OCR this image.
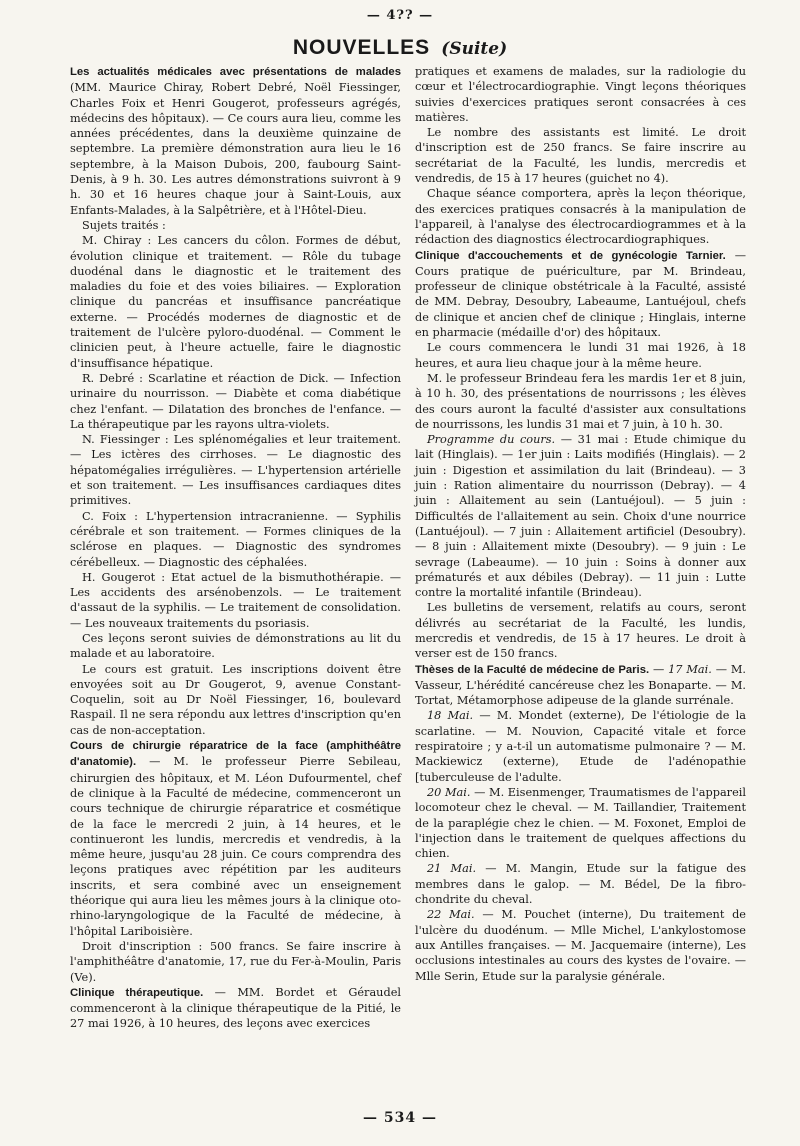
— 4?? —
NOUVELLES (Suite)

Les actualités médicales avec présentations de malades (MM. Maurice Chiray, Robert Debré, Noël Fiessinger, Charles Foix et Henri Gougerot, professeurs agrégés, médecins des hôpitaux). — Ce cours aura lieu, comme les années précédentes, dans la deuxième quinzaine de septembre. La première démonstration aura lieu le 16 septembre, à la Maison Dubois, 200, faubourg Saint-Denis, à 9 h. 30. Les autres démonstrations suivront à 9 h. 30 et 16 heures chaque jour à Saint-Louis, aux Enfants-Malades, à la Salpêtrière, et à l'Hôtel-Dieu.

Sujets traités :

M. Chiray : Les cancers du côlon. Formes de début, évolution clinique et traitement. — Rôle du tubage duodénal dans le diagnostic et le traitement des maladies du foie et des voies biliaires. — Exploration clinique du pancréas et insuffisance pancréatique externe. — Procédés modernes de diagnostic et de traitement de l'ulcère pyloro-duodénal. — Comment le clinicien peut, à l'heure actuelle, faire le diagnostic d'insuffisance hépatique.

R. Debré : Scarlatine et réaction de Dick. — Infection urinaire du nourrisson. — Diabète et coma diabétique chez l'enfant. — Dilatation des bronches de l'enfance. — La thérapeutique par les rayons ultra-violets.

N. Fiessinger : Les splénomégalies et leur traitement. — Les ictères des cirrhoses. — Le diagnostic des hépatomégalies irrégulières. — L'hypertension artérielle et son traitement. — Les insuffisances cardiaques dites primitives.

C. Foix : L'hypertension intracranienne. — Syphilis cérébrale et son traitement. — Formes cliniques de la sclérose en plaques. — Diagnostic des syndromes cérébelleux. — Diagnostic des céphalées.

H. Gougerot : Etat actuel de la bismuthothérapie. — Les accidents des arsénobenzols. — Le traitement d'assaut de la syphilis. — Le traitement de consolidation. — Les nouveaux traitements du psoriasis.

Ces leçons seront suivies de démonstrations au lit du malade et au laboratoire.

Le cours est gratuit. Les inscriptions doivent être envoyées soit au Dr Gougerot, 9, avenue Constant-Coquelin, soit au Dr Noël Fiessinger, 16, boulevard Raspail. Il ne sera répondu aux lettres d'inscription qu'en cas de non-acceptation.

Cours de chirurgie réparatrice de la face (amphithéâtre d'anatomie). — M. le professeur Pierre Sebileau, chirurgien des hôpitaux, et M. Léon Dufourmentel, chef de clinique à la Faculté de médecine, commenceront un cours technique de chirurgie réparatrice et cosmétique de la face le mercredi 2 juin, à 14 heures, et le continueront les lundis, mercredis et vendredis, à la même heure, jusqu'au 28 juin. Ce cours comprendra des leçons pratiques avec répétition par les auditeurs inscrits, et sera combiné avec un enseignement théorique qui aura lieu les mêmes jours à la clinique oto-rhino-laryngologique de la Faculté de médecine, à l'hôpital Lariboisière.

Droit d'inscription : 500 francs. Se faire inscrire à l'amphithéâtre d'anatomie, 17, rue du Fer-à-Moulin, Paris (Ve).

Clinique thérapeutique. — MM. Bordet et Géraudel commenceront à la clinique thérapeutique de la Pitié, le 27 mai 1926, à 10 heures, des leçons avec exercices

pratiques et examens de malades, sur la radiologie du cœur et l'électrocardiographie. Vingt leçons théoriques suivies d'exercices pratiques seront consacrées à ces matières.

Le nombre des assistants est limité. Le droit d'inscription est de 250 francs. Se faire inscrire au secrétariat de la Faculté, les lundis, mercredis et vendredis, de 15 à 17 heures (guichet no 4).

Chaque séance comportera, après la leçon théorique, des exercices pratiques consacrés à la manipulation de l'appareil, à l'analyse des électrocardiogrammes et à la rédaction des diagnostics électrocardiographiques.

Clinique d'accouchements et de gynécologie Tarnier. — Cours pratique de puériculture, par M. Brindeau, professeur de clinique obstétricale à la Faculté, assisté de MM. Debray, Desoubry, Labeaume, Lantuéjoul, chefs de clinique et ancien chef de clinique ; Hinglais, interne en pharmacie (médaille d'or) des hôpitaux.

Le cours commencera le lundi 31 mai 1926, à 18 heures, et aura lieu chaque jour à la même heure.

M. le professeur Brindeau fera les mardis 1er et 8 juin, à 10 h. 30, des présentations de nourrissons ; les élèves des cours auront la faculté d'assister aux consultations de nourrissons, les lundis 31 mai et 7 juin, à 10 h. 30.

Programme du cours. — 31 mai : Etude chimique du lait (Hinglais). — 1er juin : Laits modifiés (Hinglais). — 2 juin : Digestion et assimilation du lait (Brindeau). — 3 juin : Ration alimentaire du nourrisson (Debray). — 4 juin : Allaitement au sein (Lantuéjoul). — 5 juin : Difficultés de l'allaitement au sein. Choix d'une nourrice (Lantuéjoul). — 7 juin : Allaitement artificiel (Desoubry). — 8 juin : Allaitement mixte (Desoubry). — 9 juin : Le sevrage (Labeaume). — 10 juin : Soins à donner aux prématurés et aux débiles (Debray). — 11 juin : Lutte contre la mortalité infantile (Brindeau).

Les bulletins de versement, relatifs au cours, seront délivrés au secrétariat de la Faculté, les lundis, mercredis et vendredis, de 15 à 17 heures. Le droit à verser est de 150 francs.

Thèses de la Faculté de médecine de Paris. — 17 Mai. — M. Vasseur, L'hérédité cancéreuse chez les Bonaparte. — M. Tortat, Métamorphose adipeuse de la glande surrénale.

18 Mai. — M. Mondet (externe), De l'étiologie de la scarlatine. — M. Nouvion, Capacité vitale et force respiratoire ; y a-t-il un automatisme pulmonaire ? — M. Mackiewicz (externe), Etude de l'adénopathie [tuberculeuse de l'adulte.

20 Mai. — M. Eisenmenger, Traumatismes de l'appareil locomoteur chez le cheval. — M. Taillandier, Traitement de la paraplégie chez le chien. — M. Foxonet, Emploi de l'injection dans le traitement de quelques affections du chien.

21 Mai. — M. Mangin, Etude sur la fatigue des membres dans le galop. — M. Bédel, De la fibro-chondrite du cheval.

22 Mai. — M. Pouchet (interne), Du traitement de l'ulcère du duodénum. — Mlle Michel, L'ankylostomose aux Antilles françaises. — M. Jacquemaire (interne), Les occlusions intestinales au cours des kystes de l'ovaire. — Mlle Serin, Etude sur la paralysie générale.

— 534 —
